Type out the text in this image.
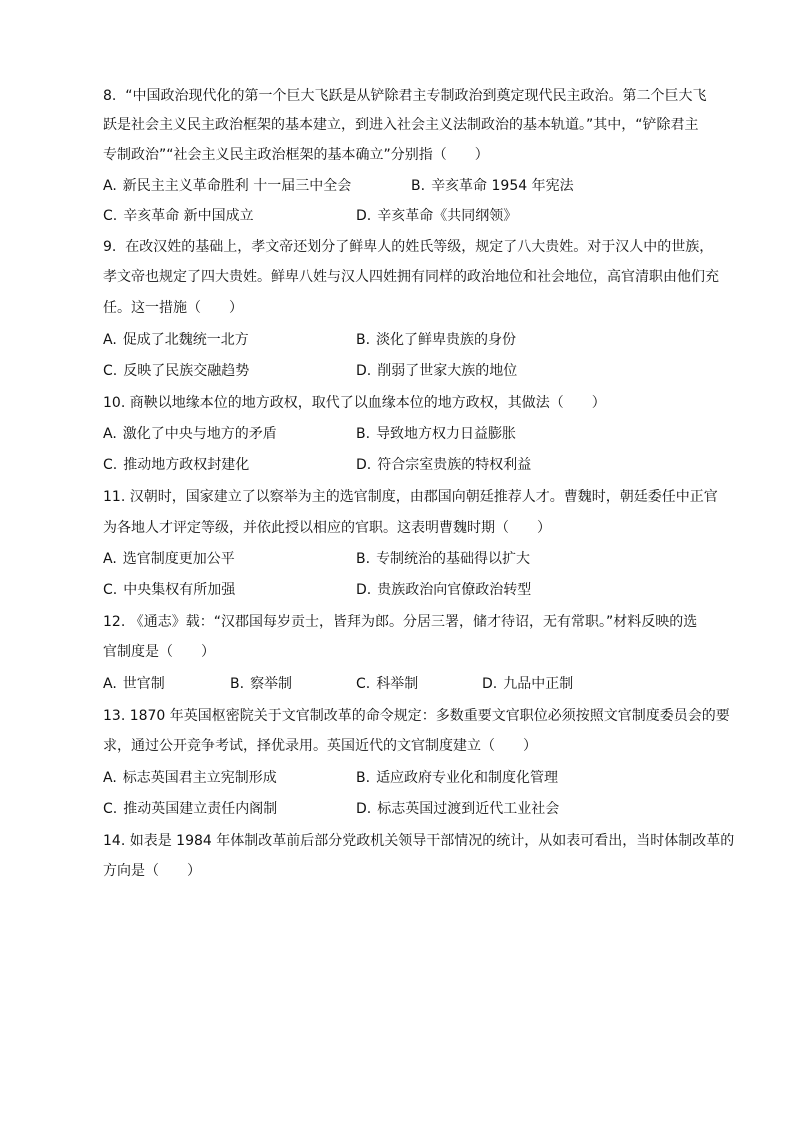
8.  “中国政治现代化的第一个巨大飞跃是从铲除君主专制政治到奠定现代民主政治。第二个巨大飞
跃是社会主义民主政治框架的基本建立，到进入社会主义法制政治的基本轨道。”其中，“铲除君主
专制政治”“社会主义民主政治框架的基本确立”分别指（　　）
A. 新民主主义革命胜利 十一届三中全会	B. 辛亥革命 1954 年宪法
C. 辛亥革命 新中国成立	D. 辛亥革命《共同纲领》
9.  在改汉姓的基础上，孝文帝还划分了鲜卑人的姓氏等级，规定了八大贵姓。对于汉人中的世族，
孝文帝也规定了四大贵姓。鲜卑八姓与汉人四姓拥有同样的政治地位和社会地位，高官清职由他们充
任。这一措施（　　）
A. 促成了北魏统一北方	B. 淡化了鲜卑贵族的身份
C. 反映了民族交融趋势	D. 削弱了世家大族的地位
10. 商鞅以地缘本位的地方政权，取代了以血缘本位的地方政权，其做法（　　）
A. 激化了中央与地方的矛盾	B. 导致地方权力日益膨胀
C. 推动地方政权封建化	D. 符合宗室贵族的特权利益
11. 汉朝时，国家建立了以察举为主的选官制度，由郡国向朝廷推荐人才。曹魏时，朝廷委任中正官
为各地人才评定等级，并依此授以相应的官职。这表明曹魏时期（　　）
A. 选官制度更加公平	B. 专制统治的基础得以扩大
C. 中央集权有所加强	D. 贵族政治向官僚政治转型
12. 《通志》载：“汉郡国每岁贡士，皆拜为郎。分居三署，储才待诏，无有常职。”材料反映的选
官制度是（　　）
A. 世官制	B. 察举制	C. 科举制	D. 九品中正制
13. 1870 年英国枢密院关于文官制改革的命令规定：多数重要文官职位必须按照文官制度委员会的要
求，通过公开竞争考试，择优录用。英国近代的文官制度建立（　　）
A. 标志英国君主立宪制形成	B. 适应政府专业化和制度化管理
C. 推动英国建立责任内阁制	D. 标志英国过渡到近代工业社会
14. 如表是 1984 年体制改革前后部分党政机关领导干部情况的统计，从如表可看出，当时体制改革的
方向是（　　）
